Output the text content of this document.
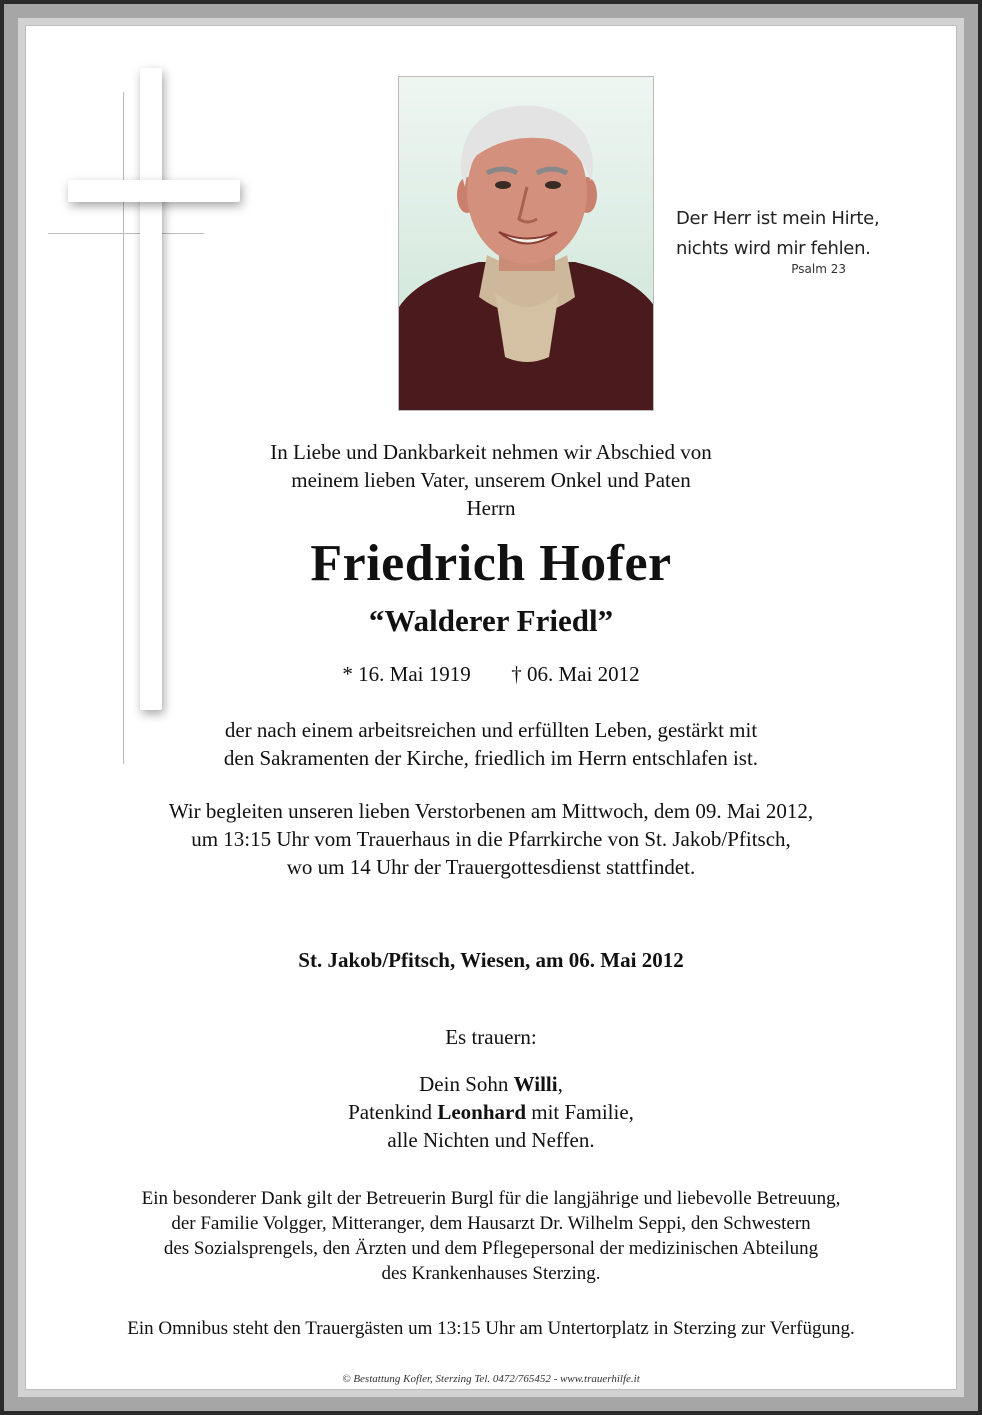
Der Herr ist mein Hirte,
nichts wird mir fehlen.
Psalm 23
In Liebe und Dankbarkeit nehmen wir Abschied von
meinem lieben Vater, unserem Onkel und Paten
Herrn
Friedrich Hofer
“Walderer Friedl”
* 16. Mai 1919 † 06. Mai 2012
der nach einem arbeitsreichen und erfüllten Leben, gestärkt mit
den Sakramenten der Kirche, friedlich im Herrn entschlafen ist.
Wir begleiten unseren lieben Verstorbenen am Mittwoch, dem 09. Mai 2012,
um 13:15 Uhr vom Trauerhaus in die Pfarrkirche von St. Jakob/Pfitsch,
wo um 14 Uhr der Trauergottesdienst stattfindet.
St. Jakob/Pfitsch, Wiesen, am 06. Mai 2012
Es trauern:
Dein Sohn Willi,
Patenkind Leonhard mit Familie,
alle Nichten und Neffen.
Ein besonderer Dank gilt der Betreuerin Burgl für die langjährige und liebevolle Betreuung,
der Familie Volgger, Mitteranger, dem Hausarzt Dr. Wilhelm Seppi, den Schwestern
des Sozialsprengels, den Ärzten und dem Pflegepersonal der medizinischen Abteilung
des Krankenhauses Sterzing.
Ein Omnibus steht den Trauergästen um 13:15 Uhr am Untertorplatz in Sterzing zur Verfügung.
© Bestattung Kofler, Sterzing Tel. 0472/765452 - www.trauerhilfe.it
